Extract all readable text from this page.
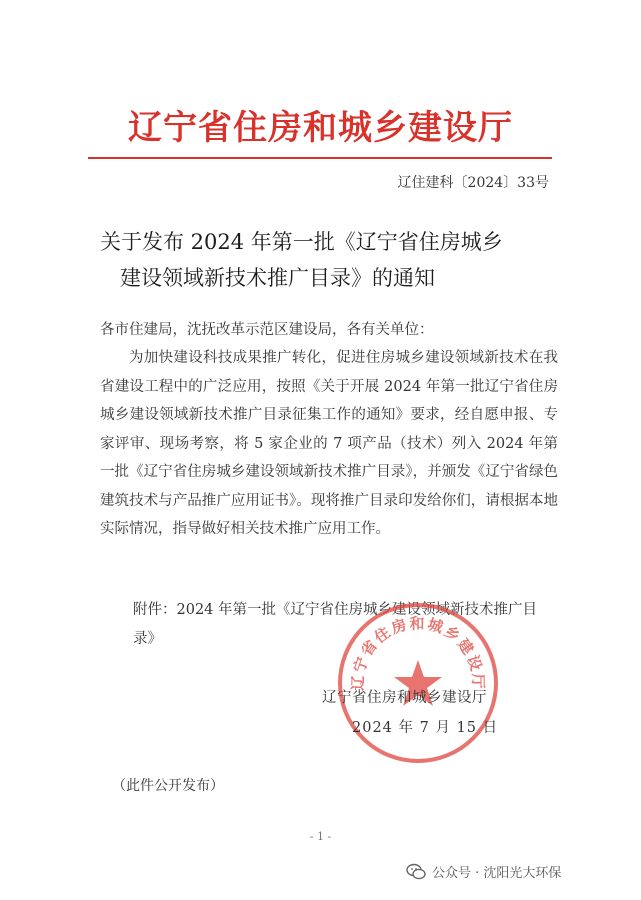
辽宁省住房和城乡建设厅
辽住建科〔2024〕33号
关于发布 2024 年第一批《辽宁省住房城乡
建设领域新技术推广目录》的通知
各市住建局，沈抚改革示范区建设局，各有关单位：
为加快建设科技成果推广转化，促进住房城乡建设领域新技术在我省建设工程中的广泛应用，按照《关于开展 2024 年第一批辽宁省住房城乡建设领域新技术推广目录征集工作的通知》要求，经自愿申报、专家评审、现场考察，将 5 家企业的 7 项产品（技术）列入 2024 年第一批《辽宁省住房城乡建设领域新技术推广目录》，并颁发《辽宁省绿色建筑技术与产品推广应用证书》。现将推广目录印发给你们，请根据本地实际情况，指导做好相关技术推广应用工作。
附件：2024 年第一批《辽宁省住房城乡建设领域新技术推广目录》
辽宁省住房和城乡建设厅
辽宁省住房和城乡建设厅
2024 年 7 月 15 日
（此件公开发布）
- 1 -
公众号 · 沈阳光大环保
